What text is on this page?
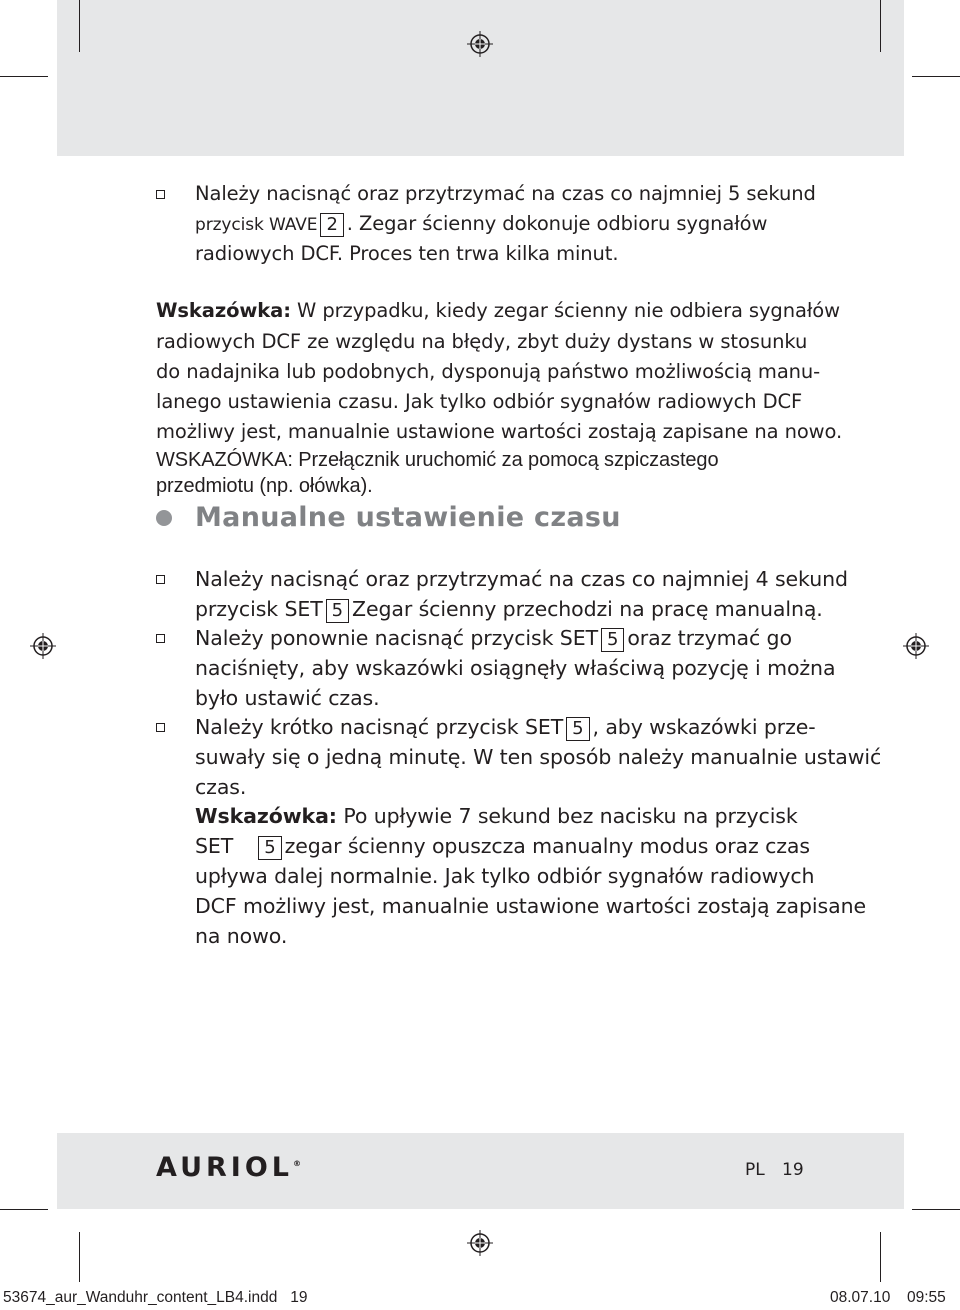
Należy nacisnąć oraz przytrzymać na czas co najmniej 5 sekund
przycisk WAVE 2 . Zegar ścienny dokonuje odbioru sygnałów
radiowych DCF. Proces ten trwa kilka minut.
Wskazówka: W przypadku, kiedy zegar ścienny nie odbiera sygnałów
radiowych DCF ze względu na błędy, zbyt duży dystans w stosunku
do nadajnika lub podobnych, dysponują państwo możliwością manu-
lanego ustawienia czasu. Jak tylko odbiór sygnałów radiowych DCF
możliwy jest, manualnie ustawione wartości zostają zapisane na nowo.
WSKAZÓWKA: Przełącznik uruchomić za pomocą szpiczastego
przedmiotu (np. ołówka).
Manualne ustawienie czasu
Należy nacisnąć oraz przytrzymać na czas co najmniej 4 sekund
przycisk SET 5 Zegar ścienny przechodzi na pracę manualną.
Należy ponownie nacisnąć przycisk SET 5 oraz trzymać go
naciśnięty, aby wskazówki osiągnęły właściwą pozycję i można
było ustawić czas.
Należy krótko nacisnąć przycisk SET 5 , aby wskazówki prze-
suwały się o jedną minutę. W ten sposób należy manualnie ustawić
czas.
Wskazówka: Po upływie 7 sekund bez nacisku na przycisk
SET 5 zegar ścienny opuszcza manualny modus oraz czas
upływa dalej normalnie. Jak tylko odbiór sygnałów radiowych
DCF możliwy jest, manualnie ustawione wartości zostają zapisane
na nowo.
AURIOL®	PL 19
53674_aur_Wanduhr_content_LB4.indd   19	08.07.10 09:55
